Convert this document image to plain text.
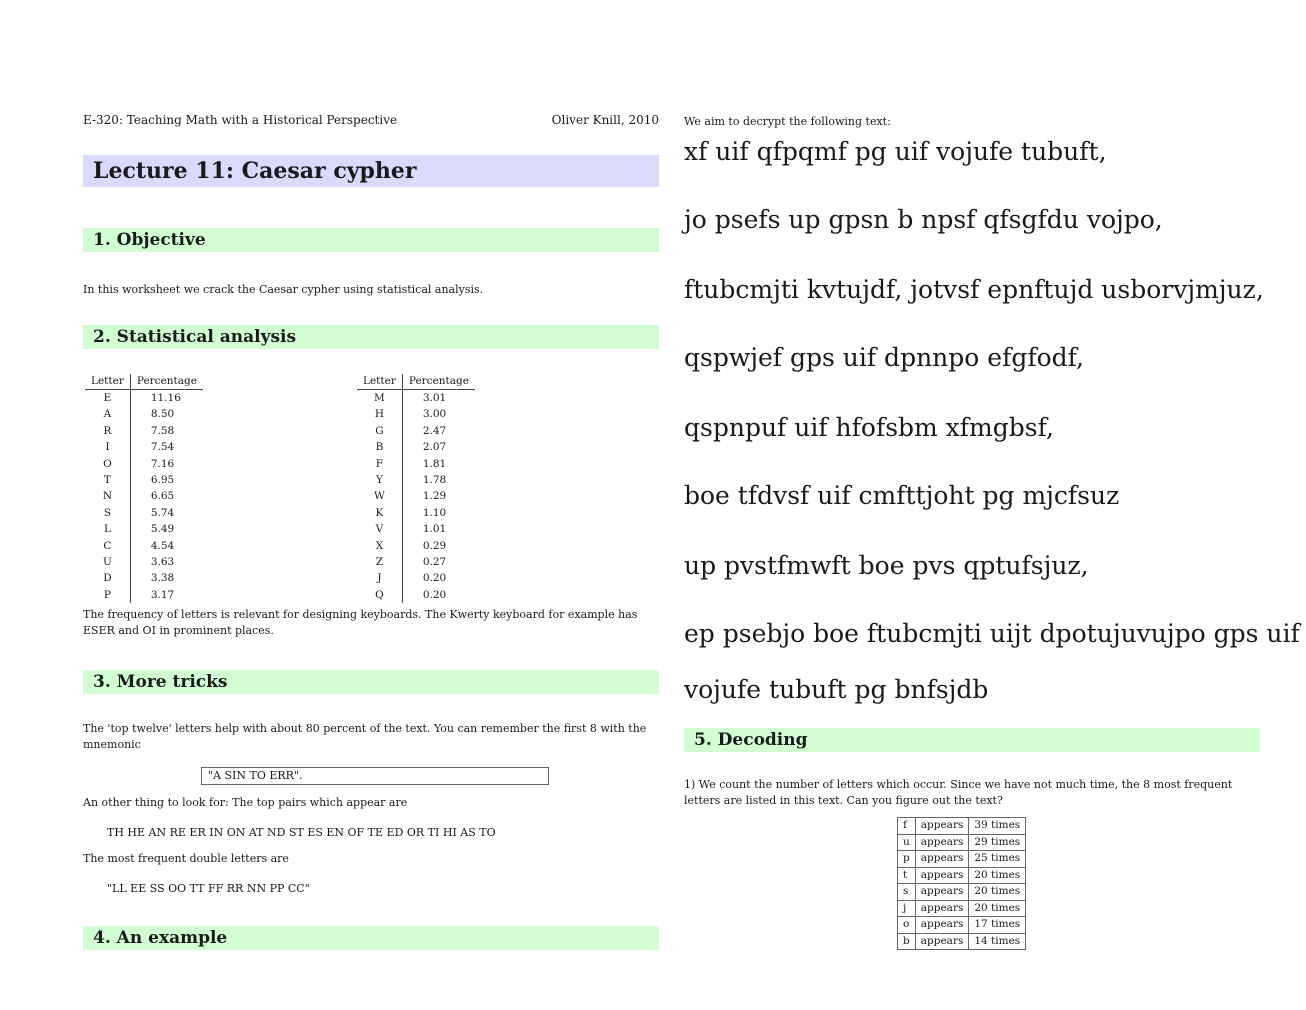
E-320: Teaching Math with a Historical Perspective	Oliver Knill, 2010
Lecture 11: Caesar cypher
1. Objective
In this worksheet we crack the Caesar cypher using statistical analysis.
2. Statistical analysis
Letter	Percentage
E	11.16
A	8.50
R	7.58
I	7.54
O	7.16
T	6.95
N	6.65
S	5.74
L	5.49
C	4.54
U	3.63
D	3.38
P	3.17
Letter	Percentage
M	3.01
H	3.00
G	2.47
B	2.07
F	1.81
Y	1.78
W	1.29
K	1.10
V	1.01
X	0.29
Z	0.27
J	0.20
Q	0.20
The frequency of letters is relevant for designing keyboards. The Kwerty keyboard for example has ESER and OI in prominent places.
3. More tricks
The 'top twelve' letters help with about 80 percent of the text. You can remember the first 8 with the mnemonic
"A SIN TO ERR".
An other thing to look for: The top pairs which appear are
TH HE AN RE ER IN ON AT ND ST ES EN OF TE ED OR TI HI AS TO
The most frequent double letters are
"LL EE SS OO TT FF RR NN PP CC"
4. An example
We aim to decrypt the following text:
xf uif qfpqmf pg uif vojufe tubuft,
jo psefs up gpsn b npsf qfsgfdu vojpo,
ftubcmjti kvtujdf, jotvsf epnftujd usborvjmjuz,
qspwjef gps uif dpnnpo efgfodf,
qspnpuf uif hfofsbm xfmgbsf,
boe tfdvsf uif cmfttjoht pg mjcfsuz
up pvstfmwft boe pvs qptufsjuz,
ep psebjo boe ftubcmjti uijt dpotujuvujpo gps uif
vojufe tubuft pg bnfsjdb
5. Decoding
1) We count the number of letters which occur. Since we have not much time, the 8 most frequent letters are listed in this text. Can you figure out the text?
f	appears	39 times
u	appears	29 times
p	appears	25 times
t	appears	20 times
s	appears	20 times
j	appears	20 times
o	appears	17 times
b	appears	14 times
